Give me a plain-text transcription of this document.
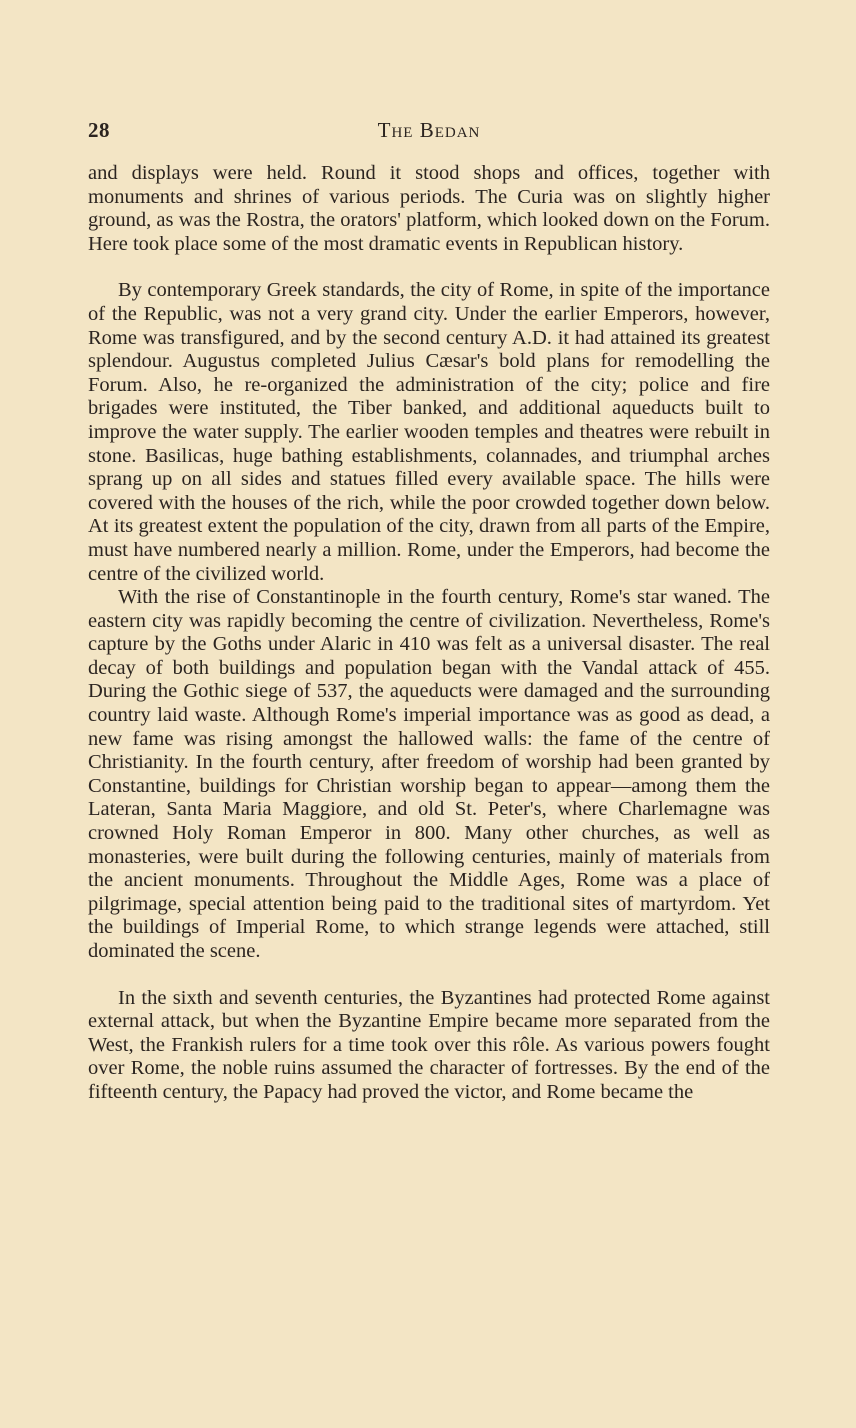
28	The Bedan

and displays were held. Round it stood shops and offices, together with monuments and shrines of various periods. The Curia was on slightly higher ground, as was the Rostra, the orators' platform, which looked down on the Forum. Here took place some of the most dramatic events in Republican history.

By contemporary Greek standards, the city of Rome, in spite of the importance of the Republic, was not a very grand city. Under the earlier Emperors, however, Rome was transfigured, and by the second century A.D. it had attained its greatest splendour. Augustus completed Julius Cæsar's bold plans for remodelling the Forum. Also, he re-organized the administration of the city; police and fire brigades were instituted, the Tiber banked, and additional aqueducts built to improve the water supply. The earlier wooden temples and theatres were rebuilt in stone. Basilicas, huge bathing establishments, colannades, and triumphal arches sprang up on all sides and statues filled every available space. The hills were covered with the houses of the rich, while the poor crowded together down below. At its greatest extent the population of the city, drawn from all parts of the Empire, must have numbered nearly a million. Rome, under the Emperors, had become the centre of the civilized world.

With the rise of Constantinople in the fourth century, Rome's star waned. The eastern city was rapidly becoming the centre of civilization. Nevertheless, Rome's capture by the Goths under Alaric in 410 was felt as a universal disaster. The real decay of both buildings and population began with the Vandal attack of 455. During the Gothic siege of 537, the aqueducts were damaged and the surrounding country laid waste. Although Rome's imperial importance was as good as dead, a new fame was rising amongst the hallowed walls: the fame of the centre of Christianity. In the fourth century, after freedom of worship had been granted by Constantine, buildings for Christian worship began to appear—among them the Lateran, Santa Maria Maggiore, and old St. Peter's, where Charlemagne was crowned Holy Roman Emperor in 800. Many other churches, as well as monasteries, were built during the following centuries, mainly of materials from the ancient monuments. Throughout the Middle Ages, Rome was a place of pilgrimage, special attention being paid to the traditional sites of martyrdom. Yet the buildings of Imperial Rome, to which strange legends were attached, still dominated the scene.

In the sixth and seventh centuries, the Byzantines had protected Rome against external attack, but when the Byzantine Empire became more separated from the West, the Frankish rulers for a time took over this rôle. As various powers fought over Rome, the noble ruins assumed the character of fortresses. By the end of the fifteenth century, the Papacy had proved the victor, and Rome became the
